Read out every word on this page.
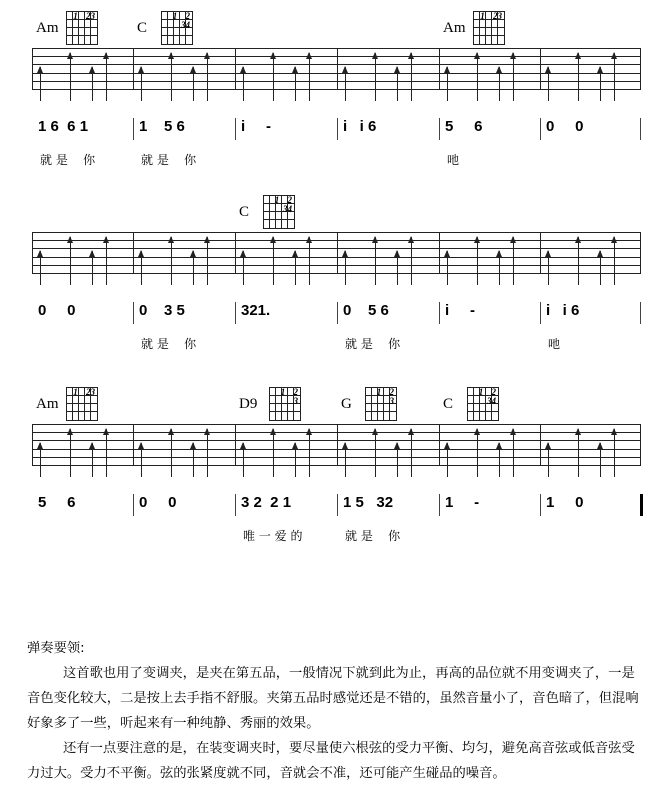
Am
1 23
C
1 2 34	Am
1 23
1 6  6 1
就 是    你
1    5 6
就 是    你
i     -	i   i 6	5     6
吔
0     0
C
1 2 34
0     0	0    3 5
就 是    你
321.	0    5 6
就 是    你
i     -	i   i 6
吔
Am
1 23
D9
1 2 3	G
1 2 3	C
1 2 34
5     6	0     0	3 2  2 1
唯 一 爱 的
1 5   32
就 是    你
1     -	1     0

弹奏要领:

这首歌也用了变调夹，是夹在第五品，一般情况下就到此为止，再高的品位就不用变调夹了，一是音色变化较大，二是按上去手指不舒服。夹第五品时感觉还是不错的，虽然音量小了，音色暗了，但混响好象多了一些，听起来有一种纯静、秀丽的效果。

还有一点要注意的是，在装变调夹时，要尽量使六根弦的受力平衡、均匀，避免高音弦或低音弦受力过大。受力不平衡。弦的张紧度就不同，音就会不准，还可能产生碰品的噪音。
